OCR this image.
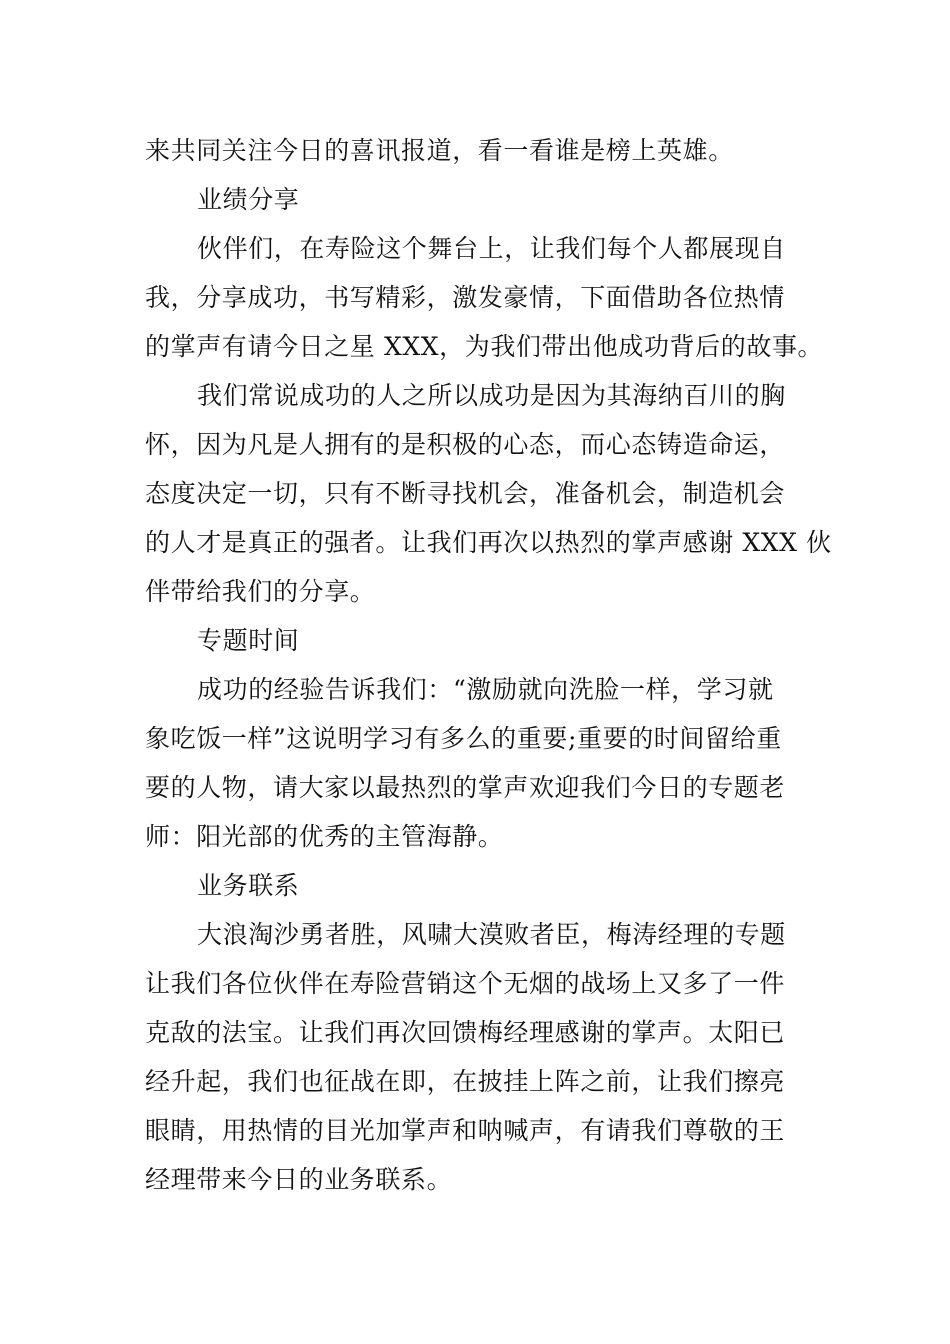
来共同关注今日的喜讯报道，看一看谁是榜上英雄。
业绩分享
伙伴们，在寿险这个舞台上，让我们每个人都展现自
我，分享成功，书写精彩，激发豪情，下面借助各位热情
的掌声有请今日之星 XXX，为我们带出他成功背后的故事。
我们常说成功的人之所以成功是因为其海纳百川的胸
怀，因为凡是人拥有的是积极的心态，而心态铸造命运，
态度决定一切，只有不断寻找机会，准备机会，制造机会
的人才是真正的强者。让我们再次以热烈的掌声感谢 XXX 伙
伴带给我们的分享。
专题时间
成功的经验告诉我们：“激励就向洗脸一样，学习就
象吃饭一样”这说明学习有多么的重要;重要的时间留给重
要的人物，请大家以最热烈的掌声欢迎我们今日的专题老
师：阳光部的优秀的主管海静。
业务联系
大浪淘沙勇者胜，风啸大漠败者臣，梅涛经理的专题
让我们各位伙伴在寿险营销这个无烟的战场上又多了一件
克敌的法宝。让我们再次回馈梅经理感谢的掌声。太阳已
经升起，我们也征战在即，在披挂上阵之前，让我们擦亮
眼睛，用热情的目光加掌声和呐喊声，有请我们尊敬的王
经理带来今日的业务联系。
